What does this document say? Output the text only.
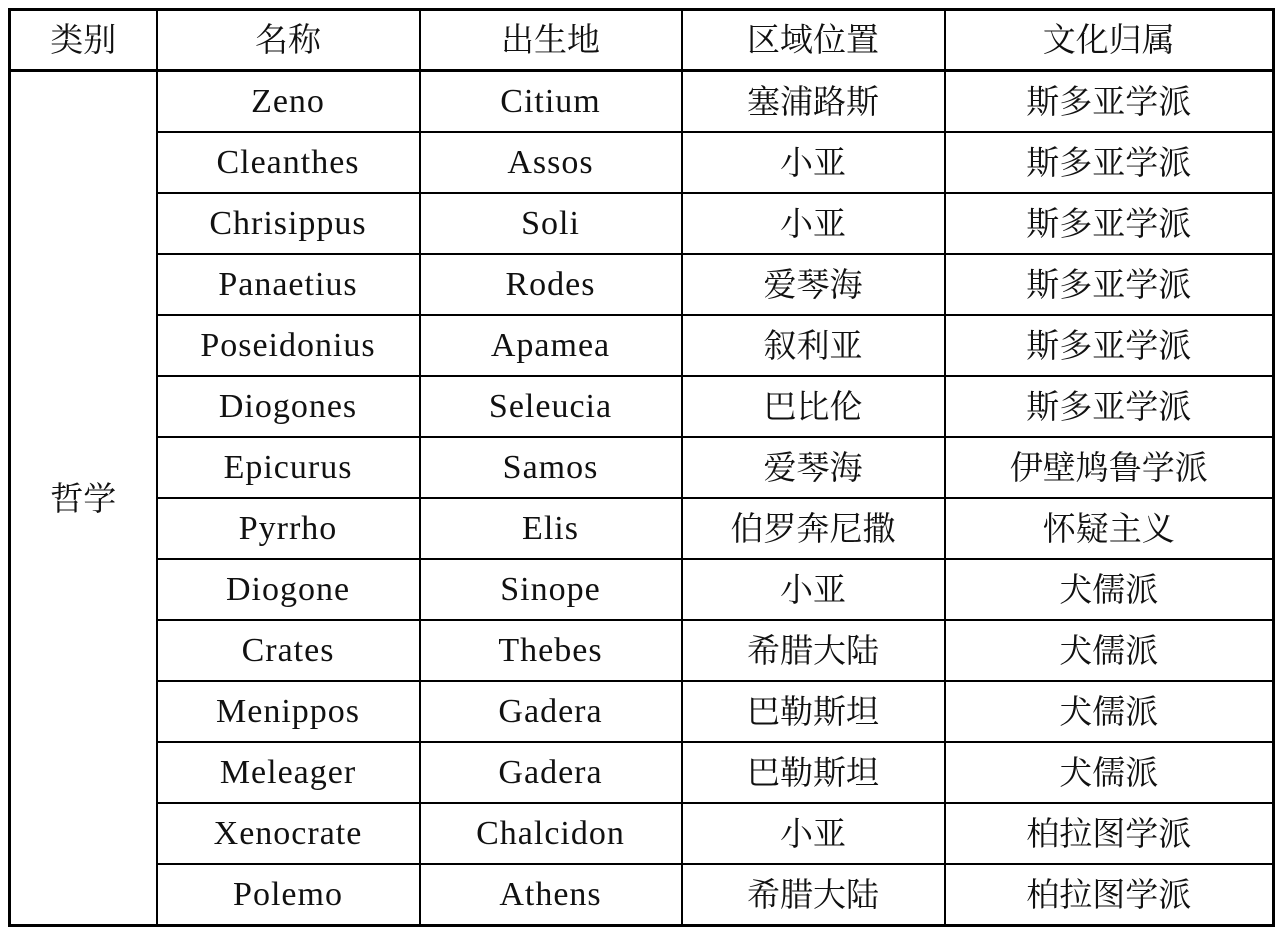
类别	名称	出生地	区域位置	文化归属
哲学	Zeno	Citium	塞浦路斯	斯多亚学派
	Cleanthes	Assos	小亚	斯多亚学派
	Chrisippus	Soli	小亚	斯多亚学派
	Panaetius	Rodes	爱琴海	斯多亚学派
	Poseidonius	Apamea	叙利亚	斯多亚学派
	Diogones	Seleucia	巴比伦	斯多亚学派
	Epicurus	Samos	爱琴海	伊壁鸠鲁学派
	Pyrrho	Elis	伯罗奔尼撒	怀疑主义
	Diogone	Sinope	小亚	犬儒派
	Crates	Thebes	希腊大陆	犬儒派
	Menippos	Gadera	巴勒斯坦	犬儒派
	Meleager	Gadera	巴勒斯坦	犬儒派
	Xenocrate	Chalcidon	小亚	柏拉图学派
	Polemo	Athens	希腊大陆	柏拉图学派
